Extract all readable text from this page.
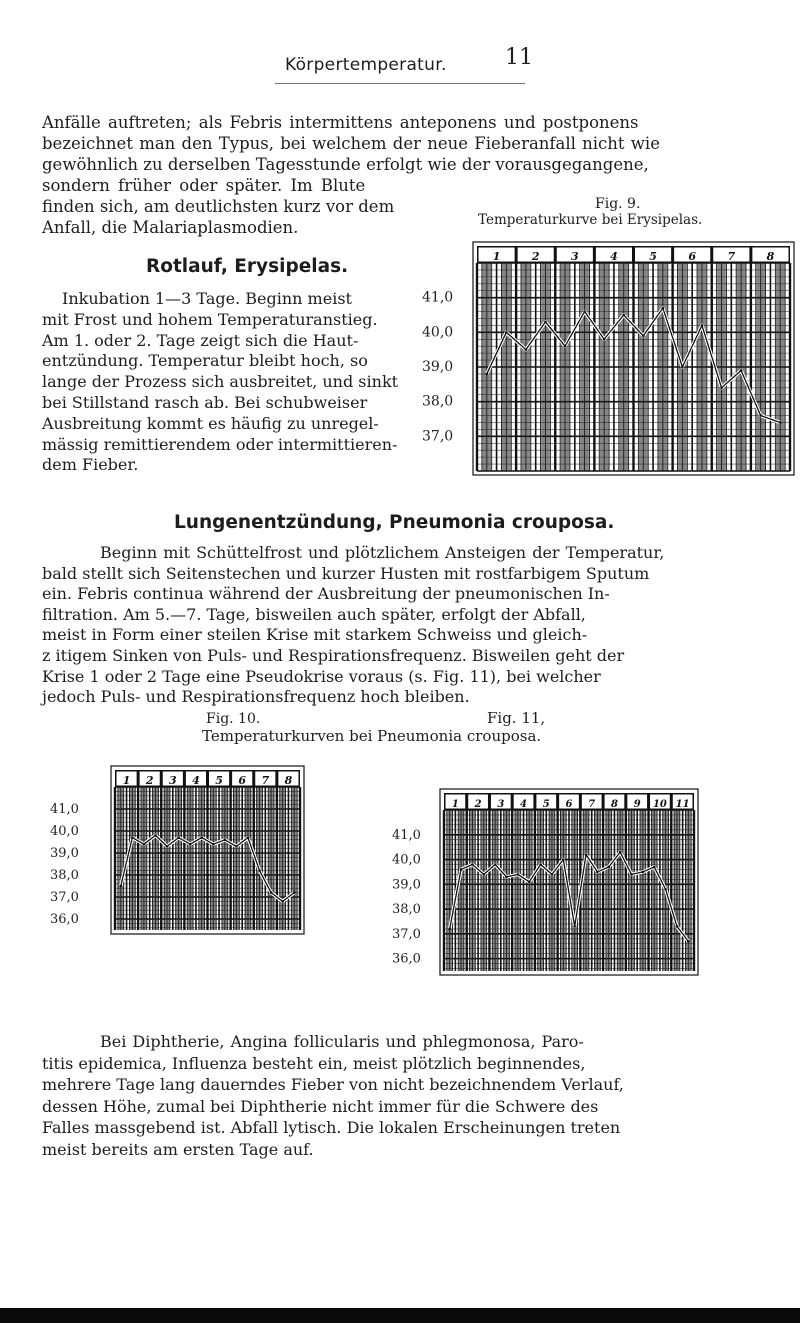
Körpertemperatur.	11
Anfälle auftreten; als Febris intermittens anteponens und postponens
bezeichnet man den Typus, bei welchem der neue Fieberanfall nicht wie
gewöhnlich zu derselben Tagesstunde erfolgt wie der vorausgegangene,
sondern früher oder später. Im Blute
finden sich, am deutlichsten kurz vor dem
Anfall, die Malariaplasmodien.
Fig. 9.
Temperaturkurve bei Erysipelas.
Rotlauf, Erysipelas.
Inkubation 1—3 Tage. Beginn meist
mit Frost und hohem Temperaturanstieg.
Am 1. oder 2. Tage zeigt sich die Haut-
entzündung. Temperatur bleibt hoch, so
lange der Prozess sich ausbreitet, und sinkt
bei Stillstand rasch ab. Bei schubweiser
Ausbreitung kommt es häufig zu unregel-
mässig remittierendem oder intermittieren-
dem Fieber.
1	2	3	4	5	6	7	8
41,0
40,0
39,0
38,0
37,0
Lungenentzündung, Pneumonia crouposa.
Beginn mit Schüttelfrost und plötzlichem Ansteigen der Temperatur,
bald stellt sich Seitenstechen und kurzer Husten mit rostfarbigem Sputum
ein. Febris continua während der Ausbreitung der pneumonischen In-
filtration. Am 5.—7. Tage, bisweilen auch später, erfolgt der Abfall,
meist in Form einer steilen Krise mit starkem Schweiss und gleich-
z itigem Sinken von Puls- und Respirationsfrequenz. Bisweilen geht der
Krise 1 oder 2 Tage eine Pseudokrise voraus (s. Fig. 11), bei welcher
jedoch Puls- und Respirationsfrequenz hoch bleiben.
Fig. 10.	Fig. 11,
Temperaturkurven bei Pneumonia crouposa.
1 2 3 4 5 6 7 8
41,0
40,0
39,0
38,0
37,0
36,0
1 2 3 4 5 6 7 8 9 10 11
41,0
40,0
39,0
38,0
37,0
36,0
Bei Diphtherie, Angina follicularis und phlegmonosa, Paro-
titis epidemica, Influenza besteht ein, meist plötzlich beginnendes,
mehrere Tage lang dauerndes Fieber von nicht bezeichnendem Verlauf,
dessen Höhe, zumal bei Diphtherie nicht immer für die Schwere des
Falles massgebend ist. Abfall lytisch. Die lokalen Erscheinungen treten
meist bereits am ersten Tage auf.
